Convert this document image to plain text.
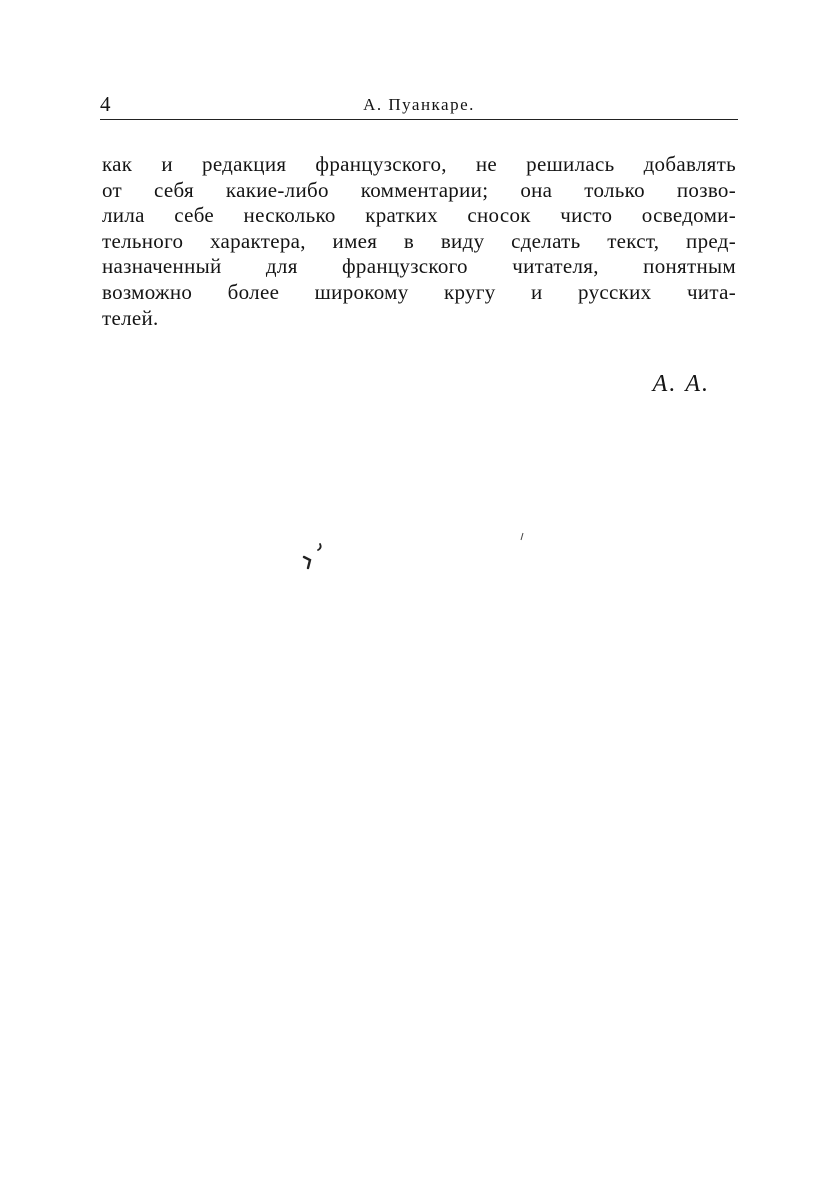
4	А. Пуанкаре.
как и редакция французского, не решилась добавлять
от себя какие-либо комментарии; она только позво-
лила себе несколько кратких сносок чисто осведоми-
тельного характера, имея в виду сделать текст, пред-
назначенный для французского читателя, понятным
возможно более широкому кругу и русских чита-
телей.
А. А.
